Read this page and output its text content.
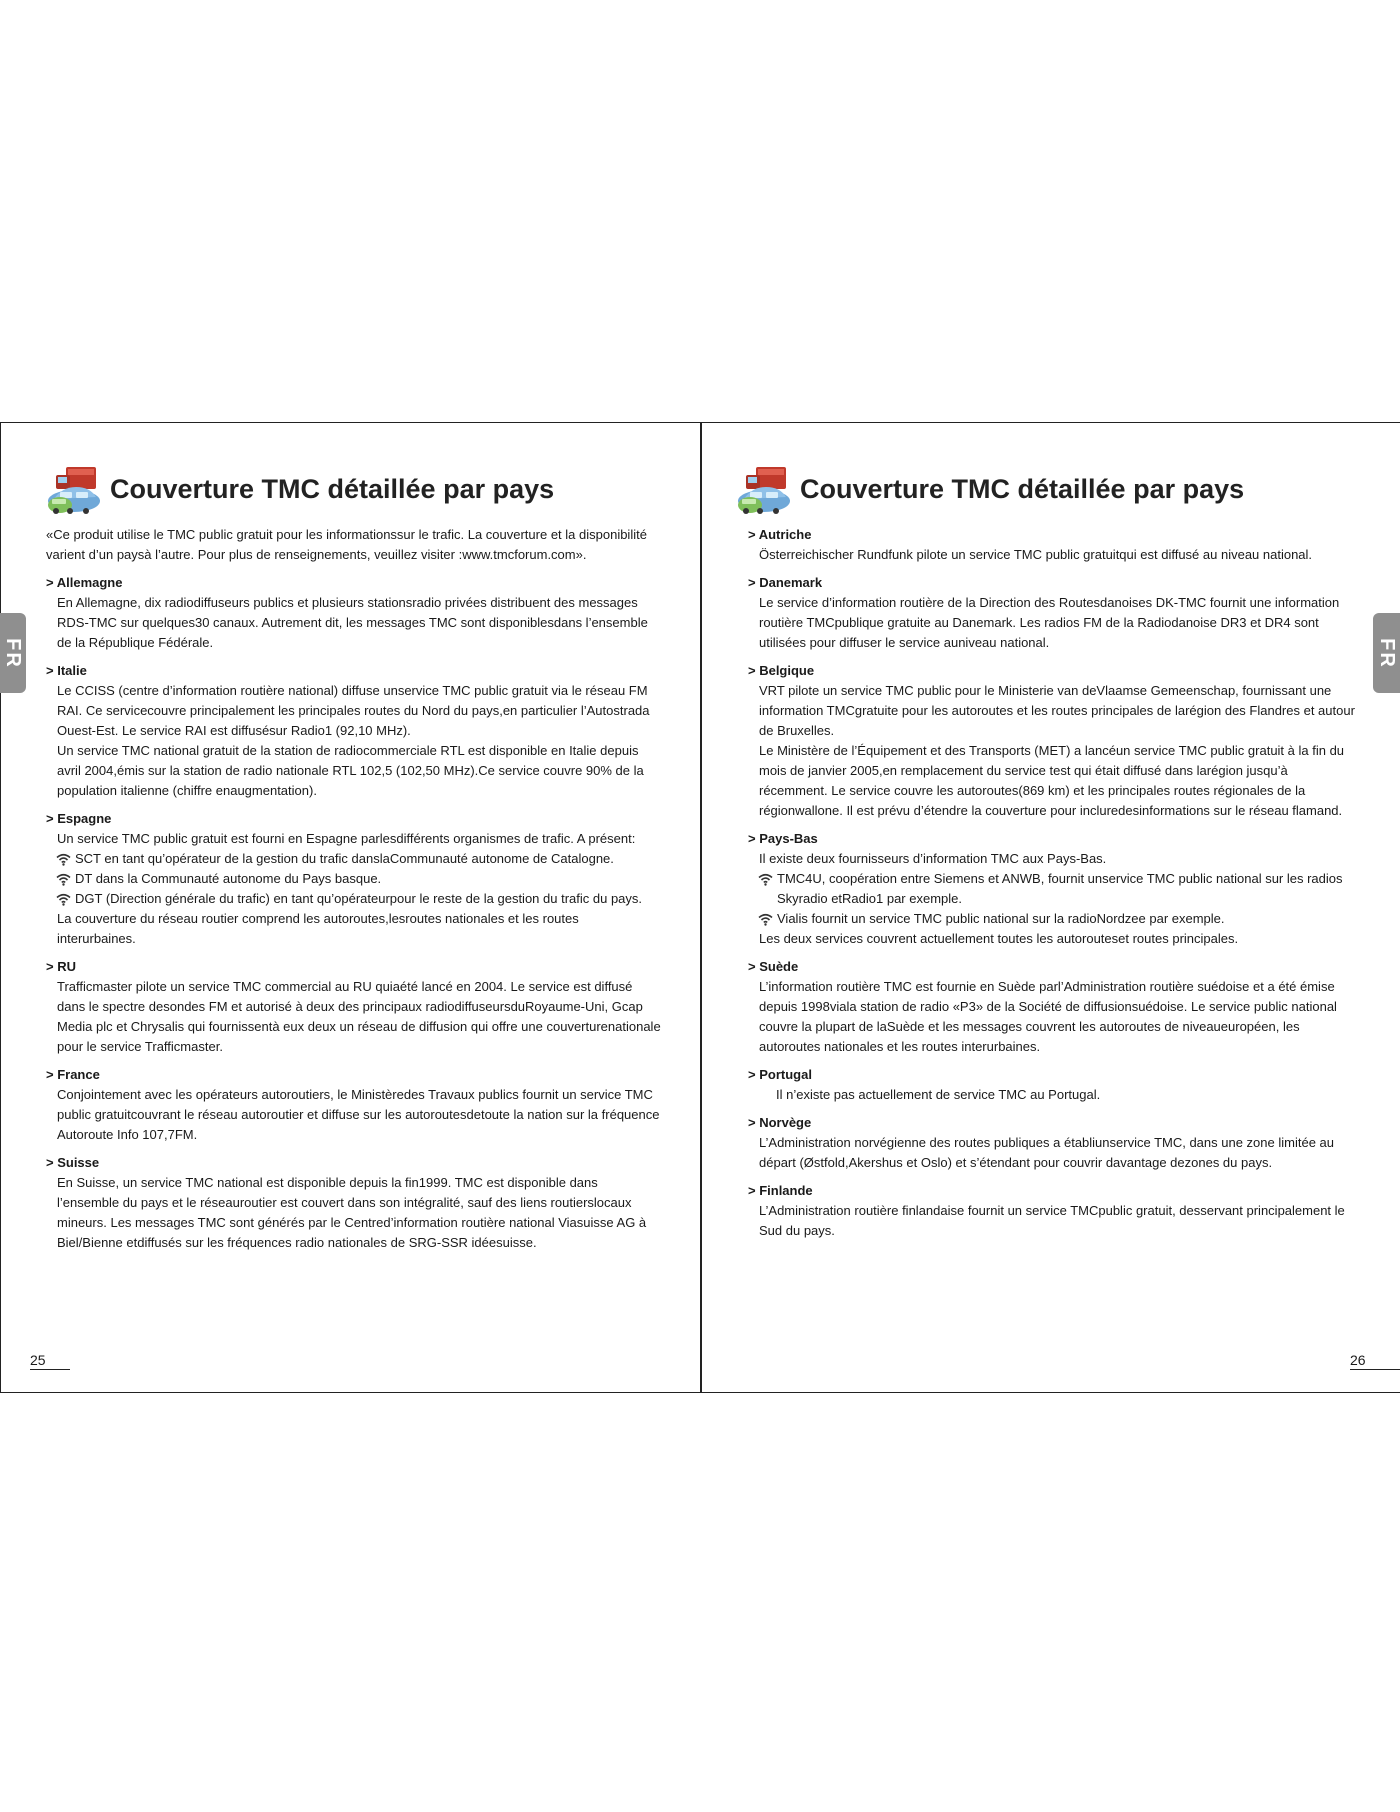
FR
Couverture TMC détaillée par pays
«Ce produit utilise le TMC public gratuit pour les informationssur le trafic. La couverture et la disponibilité varient d’un paysà l’autre. Pour plus de renseignements, veuillez visiter :www.tmcforum.com».
> Allemagne
En Allemagne, dix radiodiffuseurs publics et plusieurs stationsradio privées distribuent des messages RDS-TMC sur quelques30 canaux. Autrement dit, les messages TMC sont disponiblesdans l’ensemble de la République Fédérale.
> Italie
Le CCISS (centre d’information routière national) diffuse unservice TMC public gratuit via le réseau FM RAI. Ce servicecouvre principalement les principales routes du Nord du pays,en particulier l’Autostrada Ouest-Est. Le service RAI est diffusésur Radio1 (92,10 MHz).
Un service TMC national gratuit de la station de radiocommerciale RTL est disponible en Italie depuis avril 2004,émis sur la station de radio nationale RTL 102,5 (102,50 MHz).Ce service couvre 90% de la population italienne (chiffre enaugmentation).
> Espagne
Un service TMC public gratuit est fourni en Espagne parlesdifférents organismes de trafic. A présent:
SCT en tant qu’opérateur de la gestion du trafic danslaCommunauté autonome de Catalogne.
DT dans la Communauté autonome du Pays basque.
DGT (Direction générale du trafic) en tant qu’opérateurpour le reste de la gestion du trafic du pays.
La couverture du réseau routier comprend les autoroutes,lesroutes nationales et les routes interurbaines.
> RU
Trafficmaster pilote un service TMC commercial au RU quiaété lancé en 2004. Le service est diffusé dans le spectre desondes FM et autorisé à deux des principaux radiodiffuseursduRoyaume-Uni, Gcap Media plc et Chrysalis qui fournissentà eux deux un réseau de diffusion qui offre une couverturenationale pour le service Trafficmaster.
> France
Conjointement avec les opérateurs autoroutiers, le Ministèredes Travaux publics fournit un service TMC public gratuitcouvrant le réseau autoroutier et diffuse sur les autoroutesdetoute la nation sur la fréquence Autoroute Info 107,7FM.
> Suisse
En Suisse, un service TMC national est disponible depuis la fin1999. TMC est disponible dans l’ensemble du pays et le réseauroutier est couvert dans son intégralité, sauf des liens routierslocaux mineurs. Les messages TMC sont générés par le Centred’information routière national Viasuisse AG à Biel/Bienne etdiffusés sur les fréquences radio nationales de SRG-SSR idéesuisse.
25
FR
Couverture TMC détaillée par pays
> Autriche
Österreichischer Rundfunk pilote un service TMC public gratuitqui est diffusé au niveau national.
> Danemark
Le service d’information routière de la Direction des Routesdanoises DK-TMC fournit une information routière TMCpublique gratuite au Danemark. Les radios FM de la Radiodanoise DR3 et DR4 sont utilisées pour diffuser le service auniveau national.
> Belgique
VRT pilote un service TMC public pour le Ministerie van deVlaamse Gemeenschap, fournissant une information TMCgratuite pour les autoroutes et les routes principales de larégion des Flandres et autour de Bruxelles.
Le Ministère de l’Équipement et des Transports (MET) a lancéun service TMC public gratuit à la fin du mois de janvier 2005,en remplacement du service test qui était diffusé dans larégion jusqu’à récemment. Le service couvre les autoroutes(869 km) et les principales routes régionales de la régionwallone. Il est prévu d’étendre la couverture pour incluredesinformations sur le réseau flamand.
> Pays-Bas
Il existe deux fournisseurs d’information TMC aux Pays-Bas.
TMC4U, coopération entre Siemens et ANWB, fournit unservice TMC public national sur les radios Skyradio etRadio1 par exemple.
Vialis fournit un service TMC public national sur la radioNordzee par exemple.
Les deux services couvrent actuellement toutes les autorouteset routes principales.
> Suède
L’information routière TMC est fournie en Suède parl’Administration routière suédoise et a été émise depuis 1998viala station de radio «P3» de la Société de diffusionsuédoise. Le service public national couvre la plupart de laSuède et les messages couvrent les autoroutes de niveaueuropéen, les autoroutes nationales et les routes interurbaines.
> Portugal
Il n’existe pas actuellement de service TMC au Portugal.
> Norvège
L’Administration norvégienne des routes publiques a établiunservice TMC, dans une zone limitée au départ (Østfold,Akershus et Oslo) et s’étendant pour couvrir davantage dezones du pays.
> Finlande
L’Administration routière finlandaise fournit un service TMCpublic gratuit, desservant principalement le Sud du pays.
26
